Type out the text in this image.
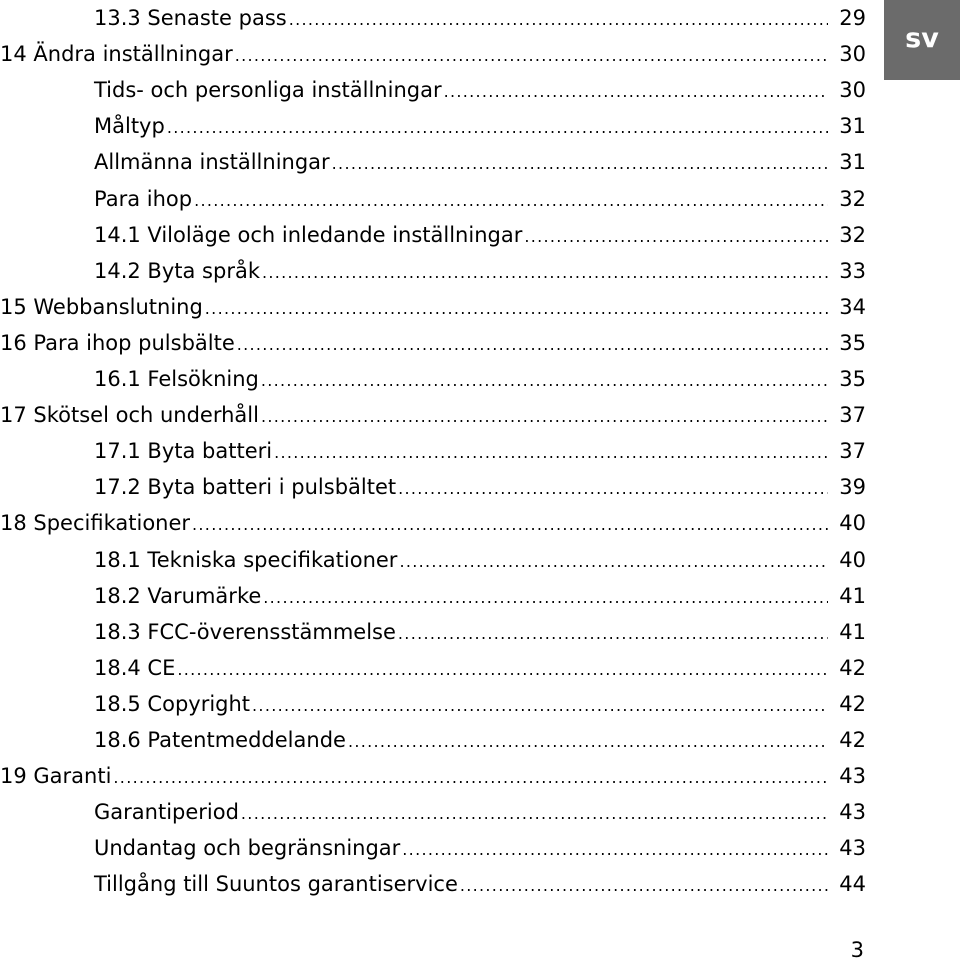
sv
13.3 Senaste pass .....	29
14 Ändra inställningar .....	30
Tids- och personliga inställningar .....	30
Måltyp .....	31
Allmänna inställningar .....	31
Para ihop .....	32
14.1 Viloläge och inledande inställningar .....	32
14.2 Byta språk .....	33
15 Webbanslutning .....	34
16 Para ihop pulsbälte .....	35
16.1 Felsökning .....	35
17 Skötsel och underhåll .....	37
17.1 Byta batteri .....	37
17.2 Byta batteri i pulsbältet .....	39
18 Specifikationer .....	40
18.1 Tekniska specifikationer .....	40
18.2 Varumärke .....	41
18.3 FCC-överensstämmelse .....	41
18.4 CE .....	42
18.5 Copyright .....	42
18.6 Patentmeddelande .....	42
19 Garanti .....	43
Garantiperiod .....	43
Undantag och begränsningar .....	43
Tillgång till Suuntos garantiservice .....	44
3
